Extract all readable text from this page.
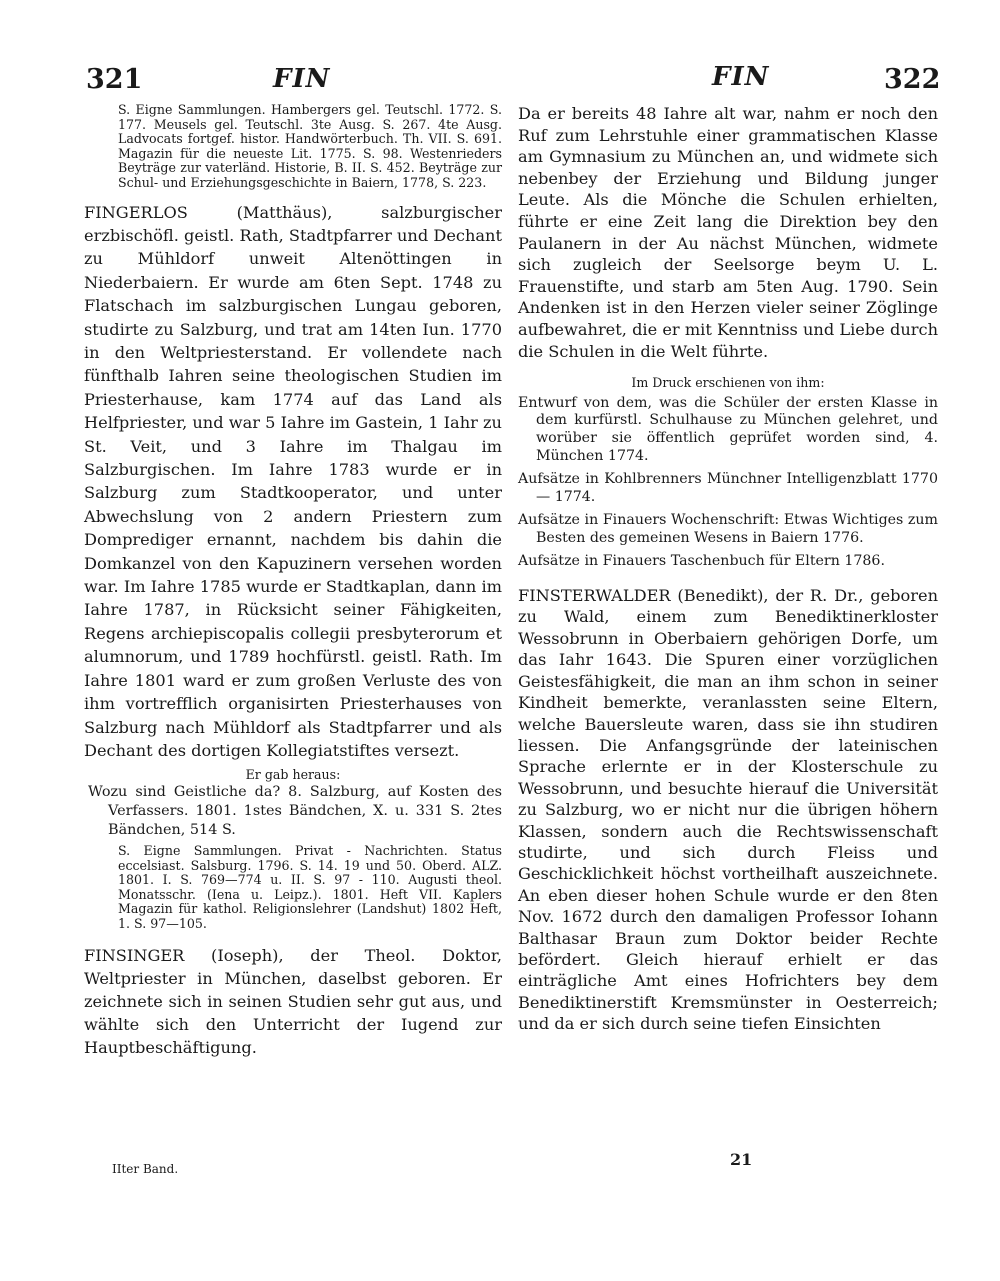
321	FIN	FIN	322

S. Eigne Sammlungen. Hambergers gel. Teutschl. 1772. S. 177. Meusels gel. Teutschl. 3te Ausg. S. 267. 4te Ausg. Ladvocats fortgef. histor. Handwörterbuch. Th. VII. S. 691. Magazin für die neueste Lit. 1775. S. 98. Westenrieders Beyträge zur vaterländ. Historie, B. II. S. 452. Beyträge zur Schul- und Erziehungsgeschichte in Baiern, 1778, S. 223.

FINGERLOS (Matthäus), salzburgischer erzbischöfl. geistl. Rath, Stadtpfarrer und Dechant zu Mühldorf unweit Altenöttingen in Niederbaiern. Er wurde am 6ten Sept. 1748 zu Flatschach im salzburgischen Lungau geboren, studirte zu Salzburg, und trat am 14ten Iun. 1770 in den Weltpriesterstand. Er vollendete nach fünfthalb Iahren seine theologischen Studien im Priesterhause, kam 1774 auf das Land als Helfpriester, und war 5 Iahre im Gastein, 1 Iahr zu St. Veit, und 3 Iahre im Thalgau im Salzburgischen. Im Iahre 1783 wurde er in Salzburg zum Stadtkooperator, und unter Abwechslung von 2 andern Priestern zum Domprediger ernannt, nachdem bis dahin die Domkanzel von den Kapuzinern versehen worden war. Im Iahre 1785 wurde er Stadtkaplan, dann im Iahre 1787, in Rücksicht seiner Fähigkeiten, Regens archiepiscopalis collegii presbyterorum et alumnorum, und 1789 hochfürstl. geistl. Rath. Im Iahre 1801 ward er zum großen Verluste des von ihm vortrefflich organisirten Priesterhauses von Salzburg nach Mühldorf als Stadtpfarrer und als Dechant des dortigen Kollegiatstiftes versezt.

Er gab heraus:

Wozu sind Geistliche da? 8. Salzburg, auf Kosten des Verfassers. 1801. 1stes Bändchen, X. u. 331 S. 2tes Bändchen, 514 S.

S. Eigne Sammlungen. Privat - Nachrichten. Status eccelsiast. Salsburg. 1796. S. 14. 19 und 50. Oberd. ALZ. 1801. I. S. 769—774 u. II. S. 97 - 110. Augusti theol. Monatsschr. (Iena u. Leipz.). 1801. Heft VII. Kaplers Magazin für kathol. Religionslehrer (Landshut) 1802 Heft, 1. S. 97—105.

FINSINGER (Ioseph), der Theol. Doktor, Weltpriester in München, daselbst geboren. Er zeichnete sich in seinen Studien sehr gut aus, und wählte sich den Unterricht der Iugend zur Hauptbeschäftigung.

IIter Band.

Da er bereits 48 Iahre alt war, nahm er noch den Ruf zum Lehrstuhle einer grammatischen Klasse am Gymnasium zu München an, und widmete sich nebenbey der Erziehung und Bildung junger Leute. Als die Mönche die Schulen erhielten, führte er eine Zeit lang die Direktion bey den Paulanern in der Au nächst München, widmete sich zugleich der Seelsorge beym U. L. Frauenstifte, und starb am 5ten Aug. 1790. Sein Andenken ist in den Herzen vieler seiner Zöglinge aufbewahret, die er mit Kenntniss und Liebe durch die Schulen in die Welt führte.

Im Druck erschienen von ihm:

Entwurf von dem, was die Schüler der ersten Klasse in dem kurfürstl. Schulhause zu München gelehret, und worüber sie öffentlich geprüfet worden sind, 4. München 1774.

Aufsätze in Kohlbrenners Münchner Intelligenzblatt 1770 — 1774.

Aufsätze in Finauers Wochenschrift: Etwas Wichtiges zum Besten des gemeinen Wesens in Baiern 1776.

Aufsätze in Finauers Taschenbuch für Eltern 1786.

FINSTERWALDER (Benedikt), der R. Dr., geboren zu Wald, einem zum Benediktinerkloster Wessobrunn in Oberbaiern gehörigen Dorfe, um das Iahr 1643. Die Spuren einer vorzüglichen Geistesfähigkeit, die man an ihm schon in seiner Kindheit bemerkte, veranlassten seine Eltern, welche Bauersleute waren, dass sie ihn studiren liessen. Die Anfangsgründe der lateinischen Sprache erlernte er in der Klosterschule zu Wessobrunn, und besuchte hierauf die Universität zu Salzburg, wo er nicht nur die übrigen höhern Klassen, sondern auch die Rechtswissenschaft studirte, und sich durch Fleiss und Geschicklichkeit höchst vortheilhaft auszeichnete. An eben dieser hohen Schule wurde er den 8ten Nov. 1672 durch den damaligen Professor Iohann Balthasar Braun zum Doktor beider Rechte befördert. Gleich hierauf erhielt er das einträgliche Amt eines Hofrichters bey dem Benediktinerstift Kremsmünster in Oesterreich; und da er sich durch seine tiefen Einsichten

21
